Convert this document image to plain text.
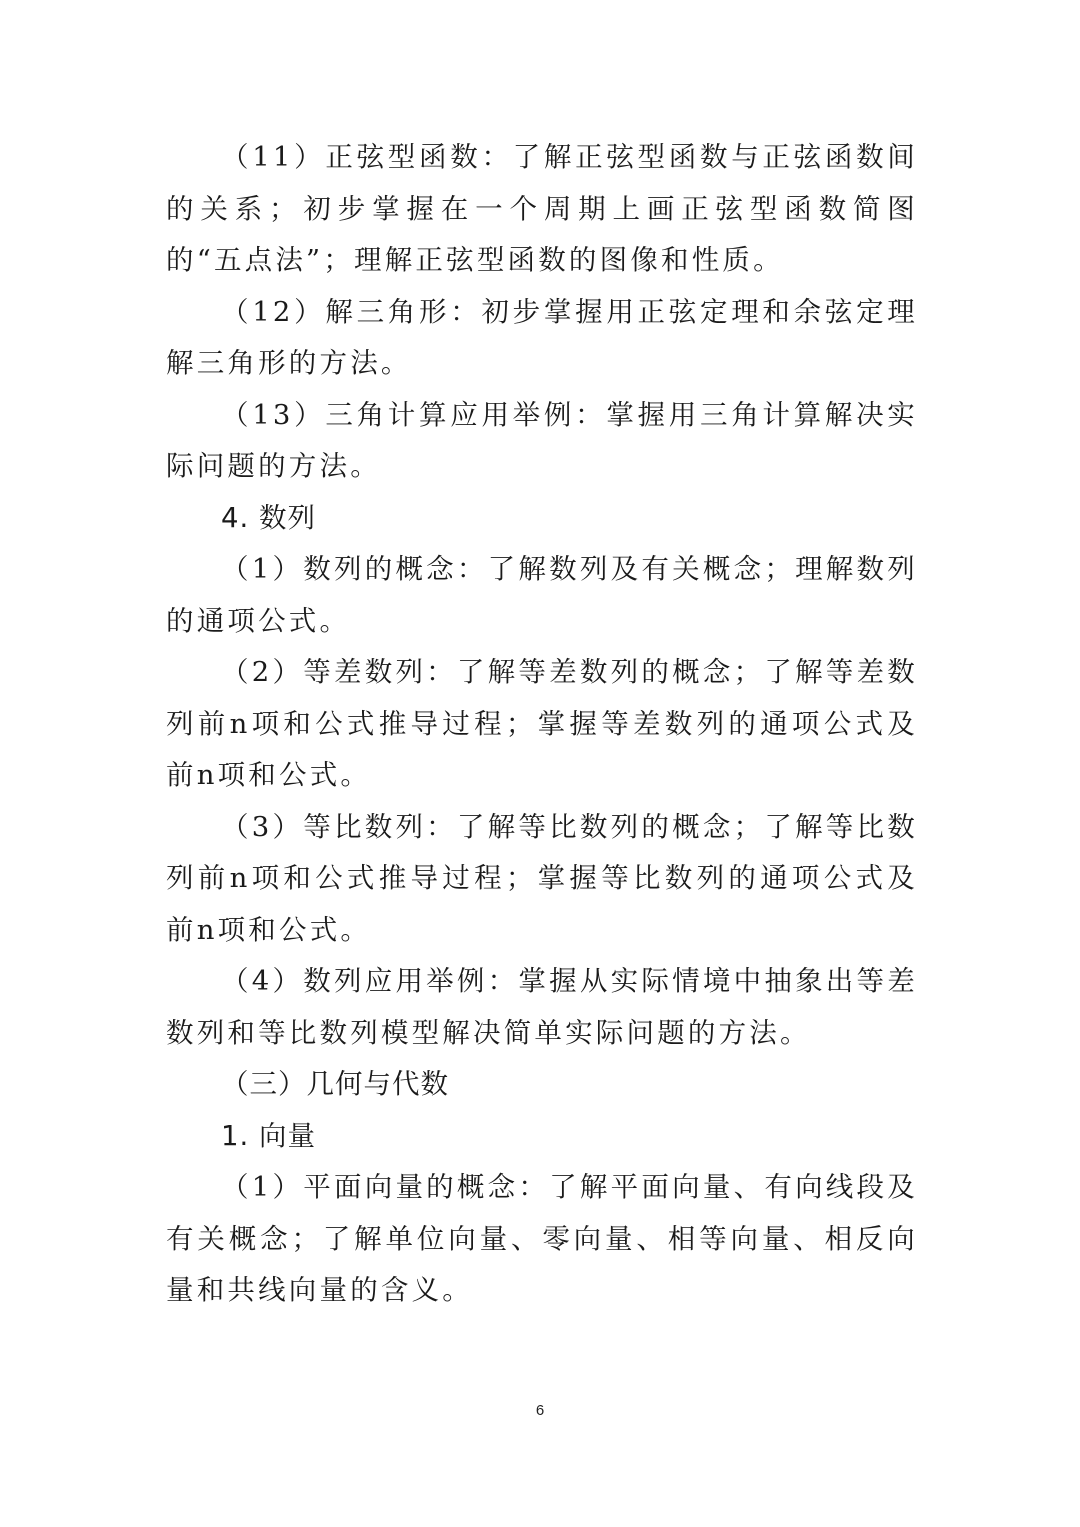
（11）正弦型函数：了解正弦型函数与正弦函数间的关系；初步掌握在一个周期上画正弦型函数简图的“五点法”；理解正弦型函数的图像和性质。

（12）解三角形：初步掌握用正弦定理和余弦定理解三角形的方法。

（13）三角计算应用举例：掌握用三角计算解决实际问题的方法。

4. 数列

（1）数列的概念：了解数列及有关概念；理解数列的通项公式。

（2）等差数列：了解等差数列的概念；了解等差数列前n项和公式推导过程；掌握等差数列的通项公式及前n项和公式。

（3）等比数列：了解等比数列的概念；了解等比数列前n项和公式推导过程；掌握等比数列的通项公式及前n项和公式。

（4）数列应用举例：掌握从实际情境中抽象出等差数列和等比数列模型解决简单实际问题的方法。

（三）几何与代数

1. 向量

（1）平面向量的概念：了解平面向量、有向线段及有关概念；了解单位向量、零向量、相等向量、相反向量和共线向量的含义。

6
